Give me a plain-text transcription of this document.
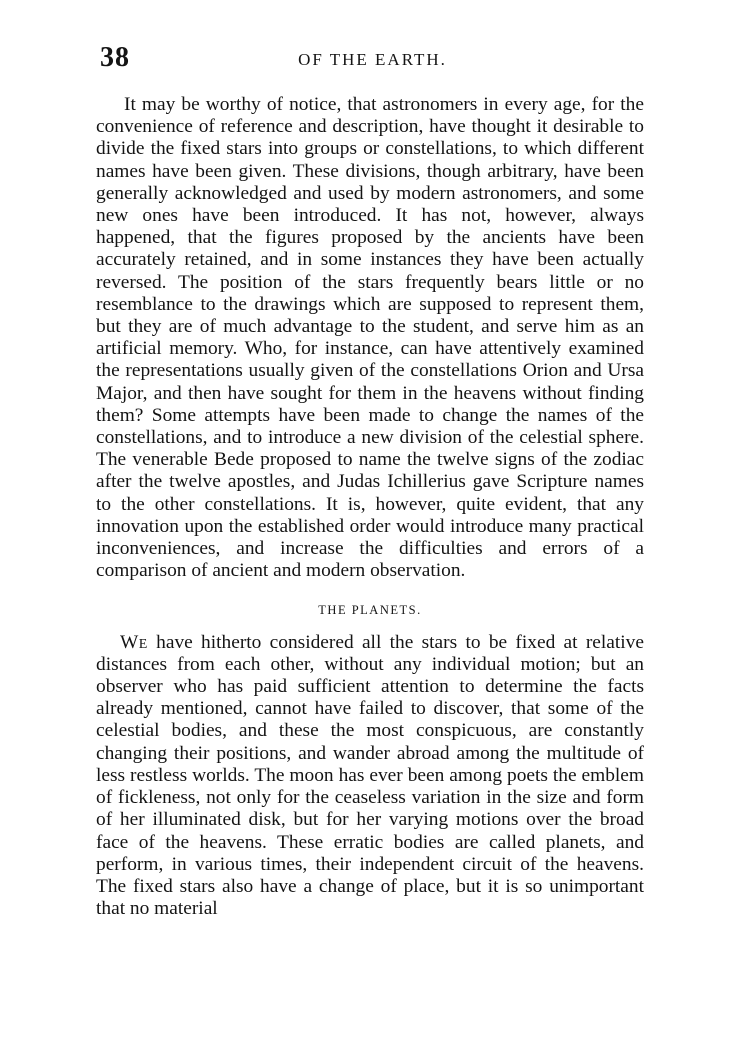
38	OF THE EARTH.

It may be worthy of notice, that astronomers in every age, for the convenience of reference and description, have thought it desirable to divide the fixed stars into groups or constellations, to which different names have been given. These divisions, though arbitrary, have been generally acknowledged and used by modern astronomers, and some new ones have been introduced. It has not, however, always happened, that the figures proposed by the ancients have been accurately retained, and in some instances they have been actually reversed. The position of the stars frequently bears little or no resemblance to the drawings which are supposed to represent them, but they are of much advantage to the student, and serve him as an artificial memory. Who, for instance, can have attentively examined the representations usually given of the constellations Orion and Ursa Major, and then have sought for them in the heavens without finding them? Some attempts have been made to change the names of the constellations, and to introduce a new division of the celestial sphere. The venerable Bede proposed to name the twelve signs of the zodiac after the twelve apostles, and Judas Ichillerius gave Scripture names to the other constellations. It is, however, quite evident, that any innovation upon the established order would introduce many practical inconveniences, and increase the difficulties and errors of a comparison of ancient and modern observation.

THE PLANETS.

We have hitherto considered all the stars to be fixed at relative distances from each other, without any individual motion; but an observer who has paid sufficient attention to determine the facts already mentioned, cannot have failed to discover, that some of the celestial bodies, and these the most conspicuous, are constantly changing their positions, and wander abroad among the multitude of less restless worlds. The moon has ever been among poets the emblem of fickleness, not only for the ceaseless variation in the size and form of her illuminated disk, but for her varying motions over the broad face of the heavens. These erratic bodies are called planets, and perform, in various times, their independent circuit of the heavens. The fixed stars also have a change of place, but it is so unimportant that no material
